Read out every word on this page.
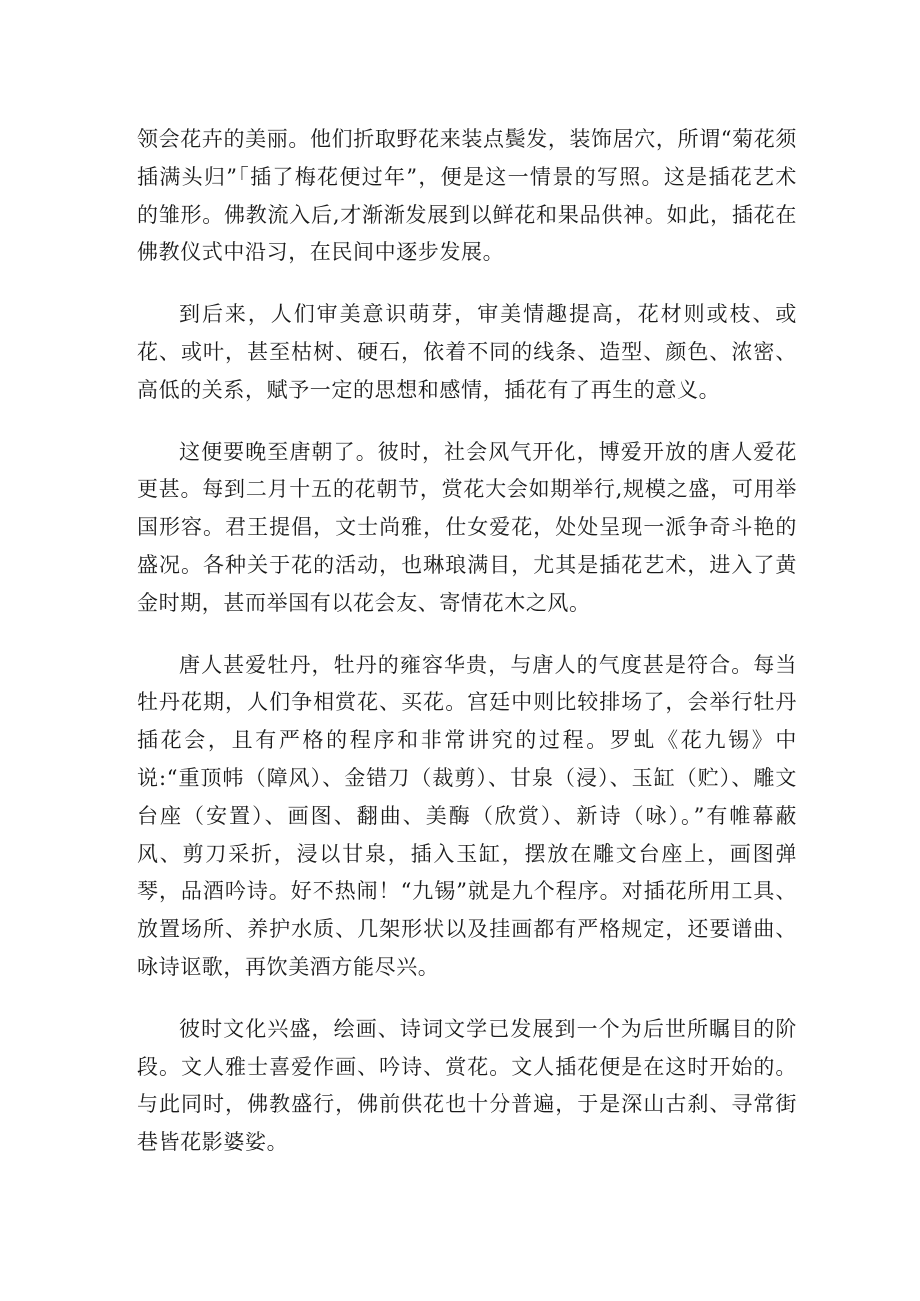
领会花卉的美丽。他们折取野花来装点鬓发，装饰居穴，所谓“菊花须插满头归”「插了梅花便过年”，便是这一情景的写照。这是插花艺术的雏形。佛教流入后,才渐渐发展到以鲜花和果品供神。如此，插花在佛教仪式中沿习，在民间中逐步发展。

到后来，人们审美意识萌芽，审美情趣提高，花材则或枝、或花、或叶，甚至枯树、硬石，依着不同的线条、造型、颜色、浓密、高低的关系，赋予一定的思想和感情，插花有了再生的意义。

这便要晚至唐朝了。彼时，社会风气开化，博爱开放的唐人爱花更甚。每到二月十五的花朝节，赏花大会如期举行,规模之盛，可用举国形容。君王提倡，文士尚雅，仕女爱花，处处呈现一派争奇斗艳的盛况。各种关于花的活动，也琳琅满目，尤其是插花艺术，进入了黄金时期，甚而举国有以花会友、寄情花木之风。

唐人甚爱牡丹，牡丹的雍容华贵，与唐人的气度甚是符合。每当牡丹花期，人们争相赏花、买花。宫廷中则比较排场了，会举行牡丹插花会，且有严格的程序和非常讲究的过程。罗虬《花九锡》中说:“重顶帏（障风）、金错刀（裁剪）、甘泉（浸）、玉缸（贮）、雕文台座（安置）、画图、翻曲、美酶（欣赏）、新诗（咏）。”有帷幕蔽风、剪刀采折，浸以甘泉，插入玉缸，摆放在雕文台座上，画图弹琴，品酒吟诗。好不热闹！“九锡”就是九个程序。对插花所用工具、放置场所、养护水质、几架形状以及挂画都有严格规定，还要谱曲、咏诗讴歌，再饮美酒方能尽兴。

彼时文化兴盛，绘画、诗词文学已发展到一个为后世所瞩目的阶段。文人雅士喜爱作画、吟诗、赏花。文人插花便是在这时开始的。与此同时，佛教盛行，佛前供花也十分普遍，于是深山古刹、寻常街巷皆花影婆娑。
